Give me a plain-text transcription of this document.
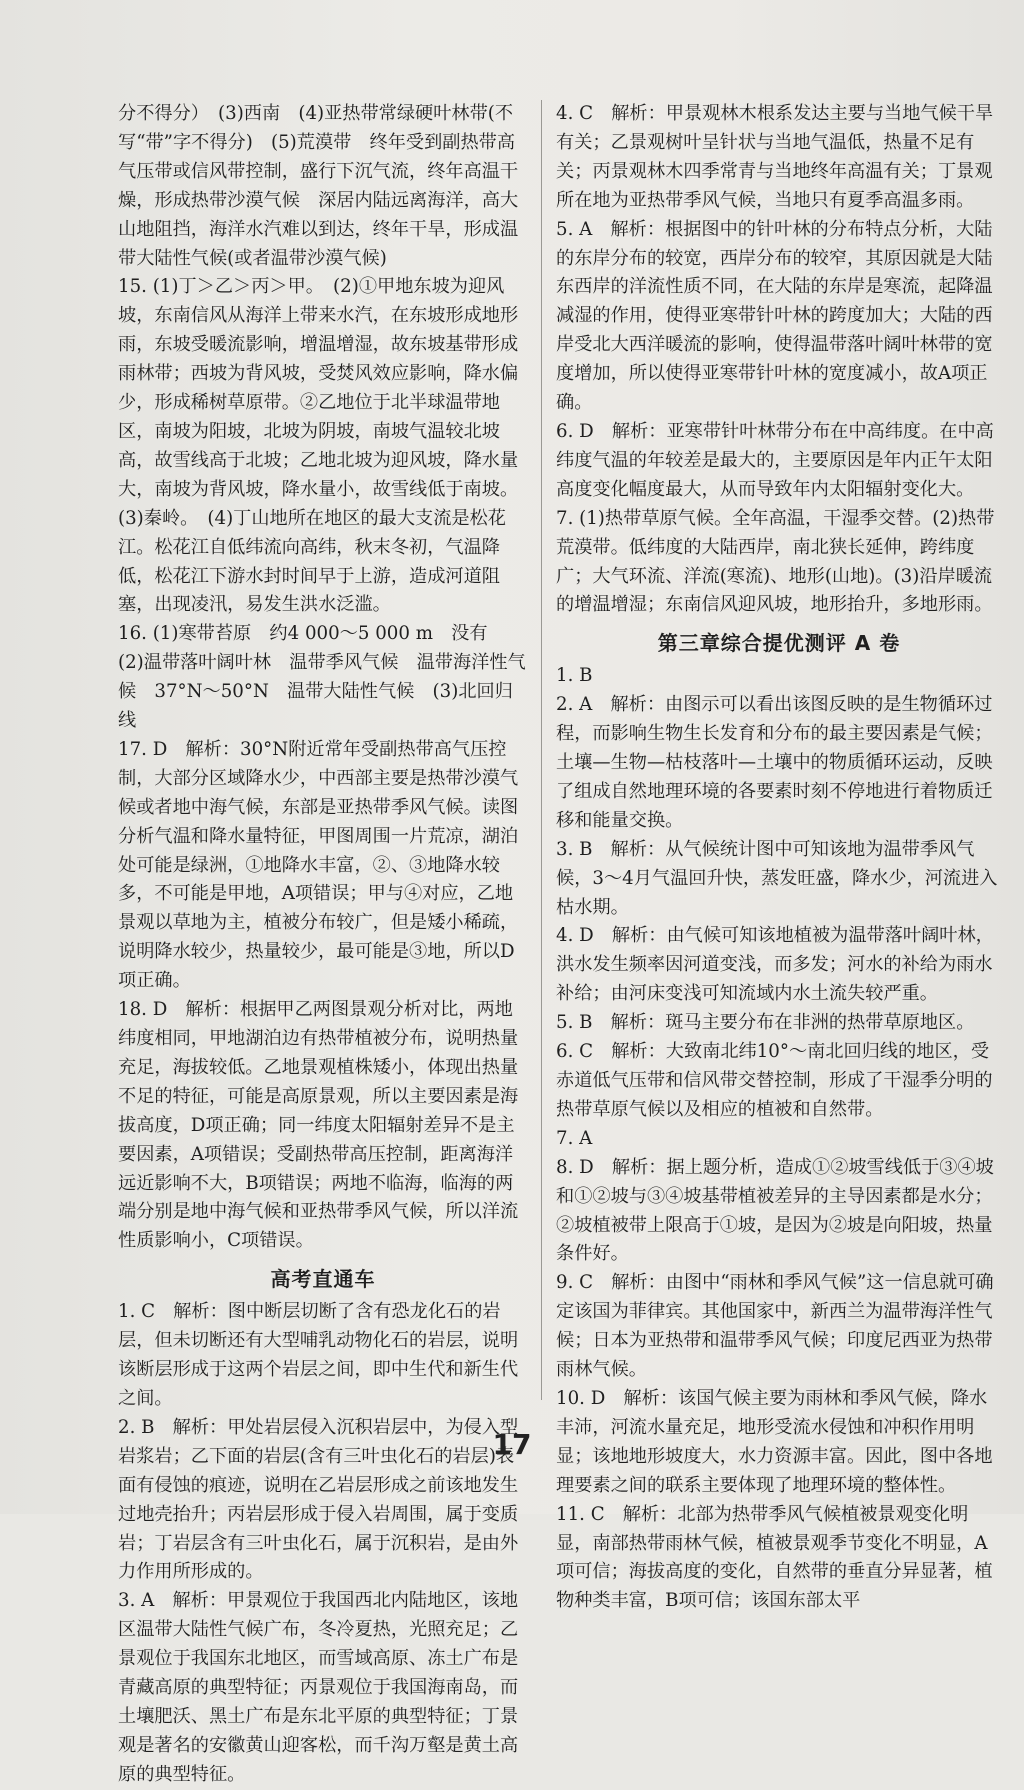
分不得分）　(3)西南　(4)亚热带常绿硬叶林带(不写“带”字不得分)　(5)荒漠带　终年受到副热带高气压带或信风带控制，盛行下沉气流，终年高温干燥，形成热带沙漠气候　深居内陆远离海洋，高大山地阻挡，海洋水汽难以到达，终年干旱，形成温带大陆性气候(或者温带沙漠气候)
15. (1)丁＞乙＞丙＞甲。　(2)①甲地东坡为迎风坡，东南信风从海洋上带来水汽，在东坡形成地形雨，东坡受暖流影响，增温增湿，故东坡基带形成雨林带；西坡为背风坡，受焚风效应影响，降水偏少，形成稀树草原带。②乙地位于北半球温带地区，南坡为阳坡，北坡为阴坡，南坡气温较北坡高，故雪线高于北坡；乙地北坡为迎风坡，降水量大，南坡为背风坡，降水量小，故雪线低于南坡。(3)秦岭。　(4)丁山地所在地区的最大支流是松花江。松花江自低纬流向高纬，秋末冬初，气温降低，松花江下游水封时间早于上游，造成河道阻塞，出现凌汛，易发生洪水泛滥。
16. (1)寒带苔原　约4 000～5 000 m　没有　(2)温带落叶阔叶林　温带季风气候　温带海洋性气候　37°N～50°N　温带大陆性气候　(3)北回归线
17. D　解析：30°N附近常年受副热带高气压控制，大部分区域降水少，中西部主要是热带沙漠气候或者地中海气候，东部是亚热带季风气候。读图分析气温和降水量特征，甲图周围一片荒凉，湖泊处可能是绿洲，①地降水丰富，②、③地降水较多，不可能是甲地，A项错误；甲与④对应，乙地景观以草地为主，植被分布较广，但是矮小稀疏，说明降水较少，热量较少，最可能是③地，所以D项正确。
18. D　解析：根据甲乙两图景观分析对比，两地纬度相同，甲地湖泊边有热带植被分布，说明热量充足，海拔较低。乙地景观植株矮小，体现出热量不足的特征，可能是高原景观，所以主要因素是海拔高度，D项正确；同一纬度太阳辐射差异不是主要因素，A项错误；受副热带高压控制，距离海洋远近影响不大，B项错误；两地不临海，临海的两端分别是地中海气候和亚热带季风气候，所以洋流性质影响小，C项错误。
高考直通车
1. C　解析：图中断层切断了含有恐龙化石的岩层，但未切断还有大型哺乳动物化石的岩层，说明该断层形成于这两个岩层之间，即中生代和新生代之间。
2. B　解析：甲处岩层侵入沉积岩层中，为侵入型岩浆岩；乙下面的岩层(含有三叶虫化石的岩层)表面有侵蚀的痕迹，说明在乙岩层形成之前该地发生过地壳抬升；丙岩层形成于侵入岩周围，属于变质岩；丁岩层含有三叶虫化石，属于沉积岩，是由外力作用所形成的。
3. A　解析：甲景观位于我国西北内陆地区，该地区温带大陆性气候广布，冬冷夏热，光照充足；乙景观位于我国东北地区，而雪域高原、冻土广布是青藏高原的典型特征；丙景观位于我国海南岛，而土壤肥沃、黑土广布是东北平原的典型特征；丁景观是著名的安徽黄山迎客松，而千沟万壑是黄土高原的典型特征。
4. C　解析：甲景观林木根系发达主要与当地气候干旱有关；乙景观树叶呈针状与当地气温低，热量不足有关；丙景观林木四季常青与当地终年高温有关；丁景观所在地为亚热带季风气候，当地只有夏季高温多雨。
5. A　解析：根据图中的针叶林的分布特点分析，大陆的东岸分布的较宽，西岸分布的较窄，其原因就是大陆东西岸的洋流性质不同，在大陆的东岸是寒流，起降温减湿的作用，使得亚寒带针叶林的跨度加大；大陆的西岸受北大西洋暖流的影响，使得温带落叶阔叶林带的宽度增加，所以使得亚寒带针叶林的宽度减小，故A项正确。
6. D　解析：亚寒带针叶林带分布在中高纬度。在中高纬度气温的年较差是最大的，主要原因是年内正午太阳高度变化幅度最大，从而导致年内太阳辐射变化大。
7. (1)热带草原气候。全年高温，干湿季交替。(2)热带荒漠带。低纬度的大陆西岸，南北狭长延伸，跨纬度广；大气环流、洋流(寒流)、地形(山地)。(3)沿岸暖流的增温增湿；东南信风迎风坡，地形抬升，多地形雨。
第三章综合提优测评 A 卷
1. B
2. A　解析：由图示可以看出该图反映的是生物循环过程，而影响生物生长发育和分布的最主要因素是气候；土壤—生物—枯枝落叶—土壤中的物质循环运动，反映了组成自然地理环境的各要素时刻不停地进行着物质迁移和能量交换。
3. B　解析：从气候统计图中可知该地为温带季风气候，3～4月气温回升快，蒸发旺盛，降水少，河流进入枯水期。
4. D　解析：由气候可知该地植被为温带落叶阔叶林，洪水发生频率因河道变浅，而多发；河水的补给为雨水补给；由河床变浅可知流域内水土流失较严重。
5. B　解析：斑马主要分布在非洲的热带草原地区。
6. C　解析：大致南北纬10°～南北回归线的地区，受赤道低气压带和信风带交替控制，形成了干湿季分明的热带草原气候以及相应的植被和自然带。
7. A
8. D　解析：据上题分析，造成①②坡雪线低于③④坡和①②坡与③④坡基带植被差异的主导因素都是水分；②坡植被带上限高于①坡，是因为②坡是向阳坡，热量条件好。
9. C　解析：由图中“雨林和季风气候”这一信息就可确定该国为菲律宾。其他国家中，新西兰为温带海洋性气候；日本为亚热带和温带季风气候；印度尼西亚为热带雨林气候。
10. D　解析：该国气候主要为雨林和季风气候，降水丰沛，河流水量充足，地形受流水侵蚀和冲积作用明显；该地地形坡度大，水力资源丰富。因此，图中各地理要素之间的联系主要体现了地理环境的整体性。
11. C　解析：北部为热带季风气候植被景观变化明显，南部热带雨林气候，植被景观季节变化不明显，A项可信；海拔高度的变化，自然带的垂直分异显著，植物种类丰富，B项可信；该国东部太平
17
